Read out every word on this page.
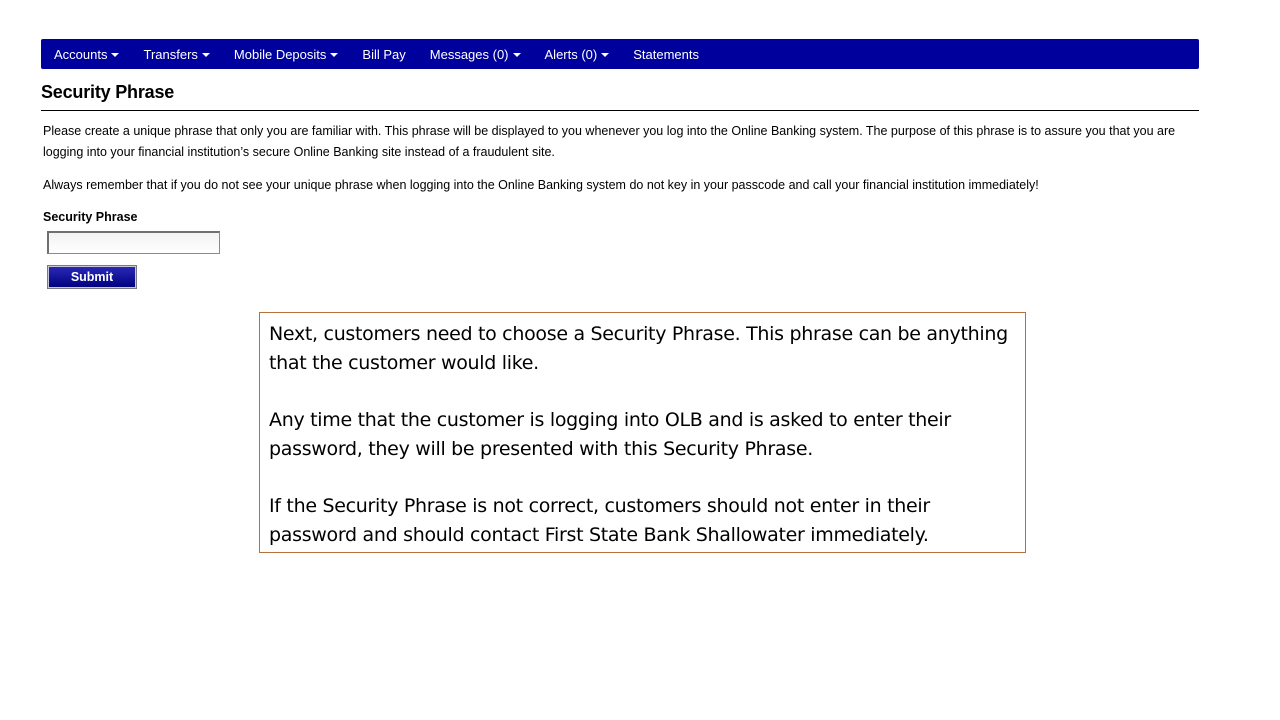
Accounts	Transfers	Mobile Deposits	Bill Pay Messages (0)	Alerts (0)	Statements
Security Phrase

Please create a unique phrase that only you are familiar with. This phrase will be displayed to you whenever you log into the Online Banking system. The purpose of this phrase is to assure you that you are logging into your financial institution’s secure Online Banking site instead of a fraudulent site.

Always remember that if you do not see your unique phrase when logging into the Online Banking system do not key in your passcode and call your financial institution immediately!

Security Phrase
Submit

Next, customers need to choose a Security Phrase. This phrase can be anything that the customer would like.

Any time that the customer is logging into OLB and is asked to enter their password, they will be presented with this Security Phrase.

If the Security Phrase is not correct, customers should not enter in their password and should contact First State Bank Shallowater immediately.
